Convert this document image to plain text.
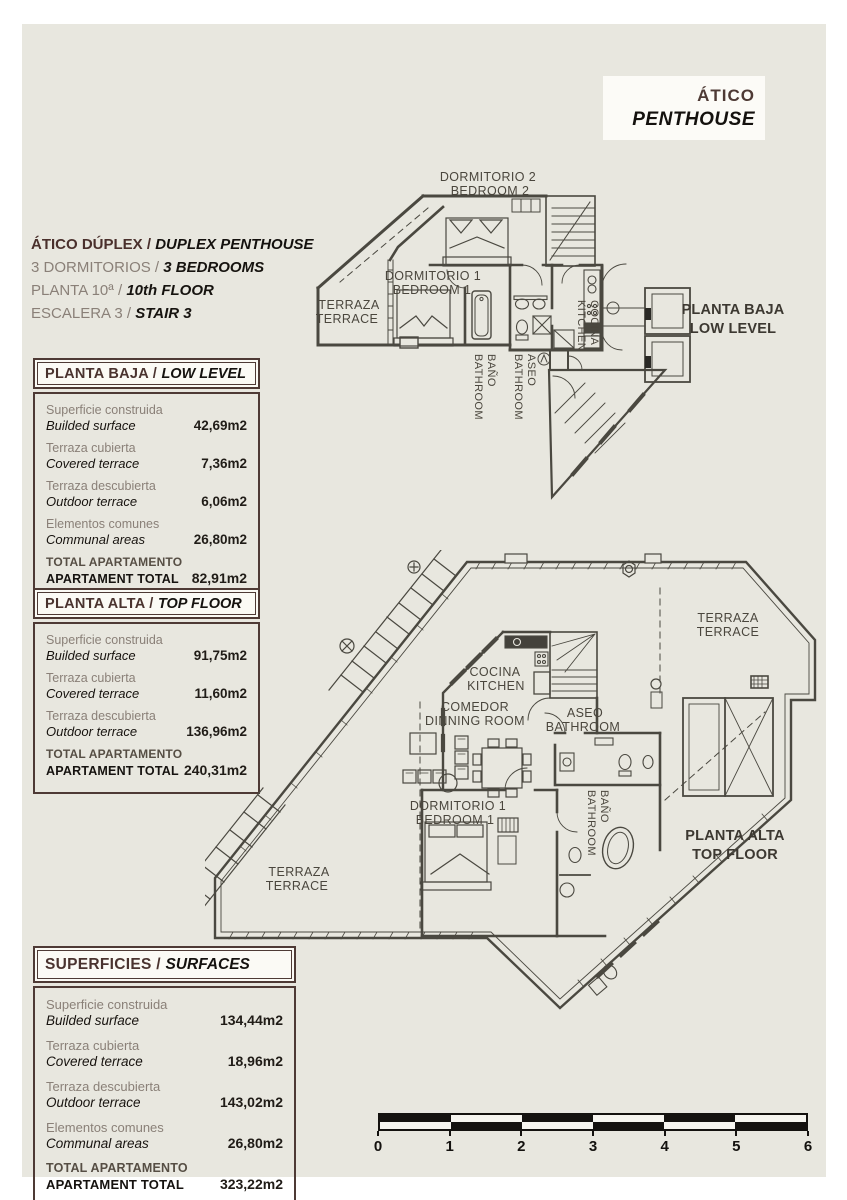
ÁTICO
PENTHOUSE
ÁTICO DÚPLEX / DUPLEX PENTHOUSE
3 DORMITORIOS / 3 BEDROOMS
PLANTA 10ª / 10th FLOOR
ESCALERA 3 / STAIR 3
PLANTA BAJA / LOW LEVEL
Superficie construida
Builded surface	42,69m2
Terraza cubierta
Covered terrace	7,36m2
Terraza descubierta
Outdoor terrace	6,06m2
Elementos comunes
Communal areas	26,80m2
TOTAL APARTAMENTO
APARTAMENT TOTAL 82,91m2
PLANTA ALTA / TOP FLOOR
Superficie construida
Builded surface	91,75m2
Terraza cubierta
Covered terrace	11,60m2
Terraza descubierta
Outdoor terrace	136,96m2
TOTAL APARTAMENTO
APARTAMENT TOTAL 240,31m2
SUPERFICIES / SURFACES
Superficie construida
Builded surface	134,44m2
Terraza cubierta
Covered terrace	18,96m2
Terraza descubierta
Outdoor terrace	143,02m2
Elementos comunes
Communal areas	26,80m2
TOTAL APARTAMENTO
APARTAMENT TOTAL	323,22m2
DORMITORIO 2
BEDROOM 2
DORMITORIO 1
BEDROOM 1
TERRAZA
TERRACE
BAÑO
BATHROOM	ASEO
BATHROOM
COCINA
KITCHEN	PLANTA BAJA
LOW LEVEL
COCINA
KITCHEN
COMEDOR
DINNING ROOM
ASEO
BATHROOM
DORMITORIO 1
BEDROOM 1
TERRAZA
TERRACE
TERRAZA
TERRACE
BAÑO
BATHROOM	PLANTA ALTA
TOP FLOOR
0	1	2	3	4	5	6
